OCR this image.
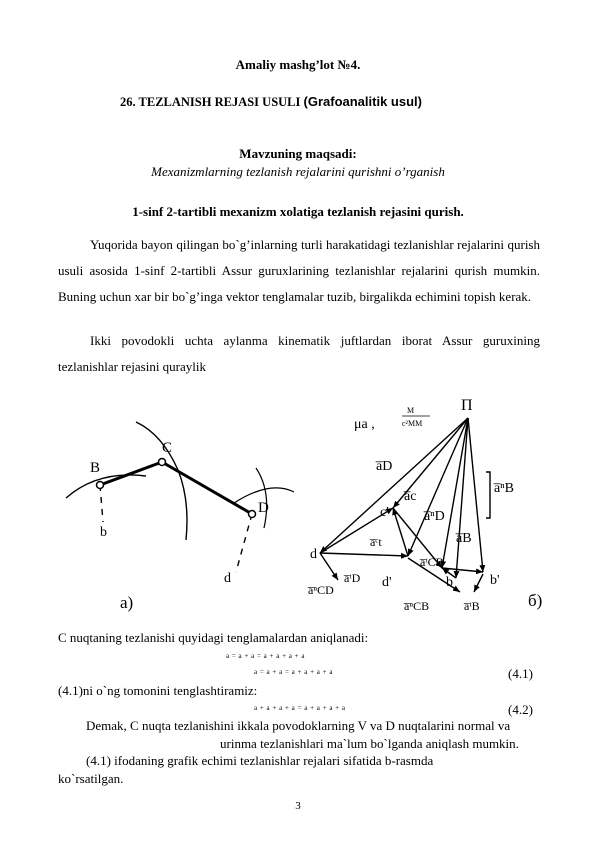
Amaliy mashg’lot №4.
26. TEZLANISH REJASI USULI (Grafoanalitik usul)
Mavzuning maqsadi:
Mexanizmlarning tezlanish rejalarini qurishni o’rganish
1-sinf 2-tartibli mexanizm xolatiga tezlanish rejasini qurish.
Yuqorida bayon qilingan bo`g’inlarning turli harakatidagi tezlanishlar rejalarini qurish usuli asosida 1-sinf 2-tartibli Assur guruxlarining tezlanishlar rejalarini qurish mumkin. Buning uchun xar bir bo`g’inga vektor tenglamalar tuzib, birgalikda echimini topish kerak.
Ikki povodokli uchta aylanma kinematik juftlardan iborat Assur guruxining tezlanishlar rejasini quraylik
B
C
D
b
d
a)
П
μa ,
M
c²MM
a̅D
a̅c
a̅ⁿB
a̅ⁿD
a̅B
c'
a̅ᶜt
a̅ᵗCB
d
a̅ᵗD d'	b	b'
a̅ⁿCD
a̅ⁿCB	a̅ᵗB	б)
C nuqtaning tezlanishi quyidagi tenglamalardan aniqlanadi:
a = a + a = a + a + a + a
a = a + a = a + a + a + a	(4.1)
(4.1)ni o`ng tomonini tenglashtiramiz:
a + a + a + a = a + a + a + a	(4.2)
Demak, C nuqta tezlanishini ikkala povodoklarning V va D nuqtalarini normal va
urinma tezlanishlari ma`lum bo`lganda aniqlash mumkin.
(4.1) ifodaning grafik echimi tezlanishlar rejalari sifatida b-rasmda
ko`rsatilgan.
3
